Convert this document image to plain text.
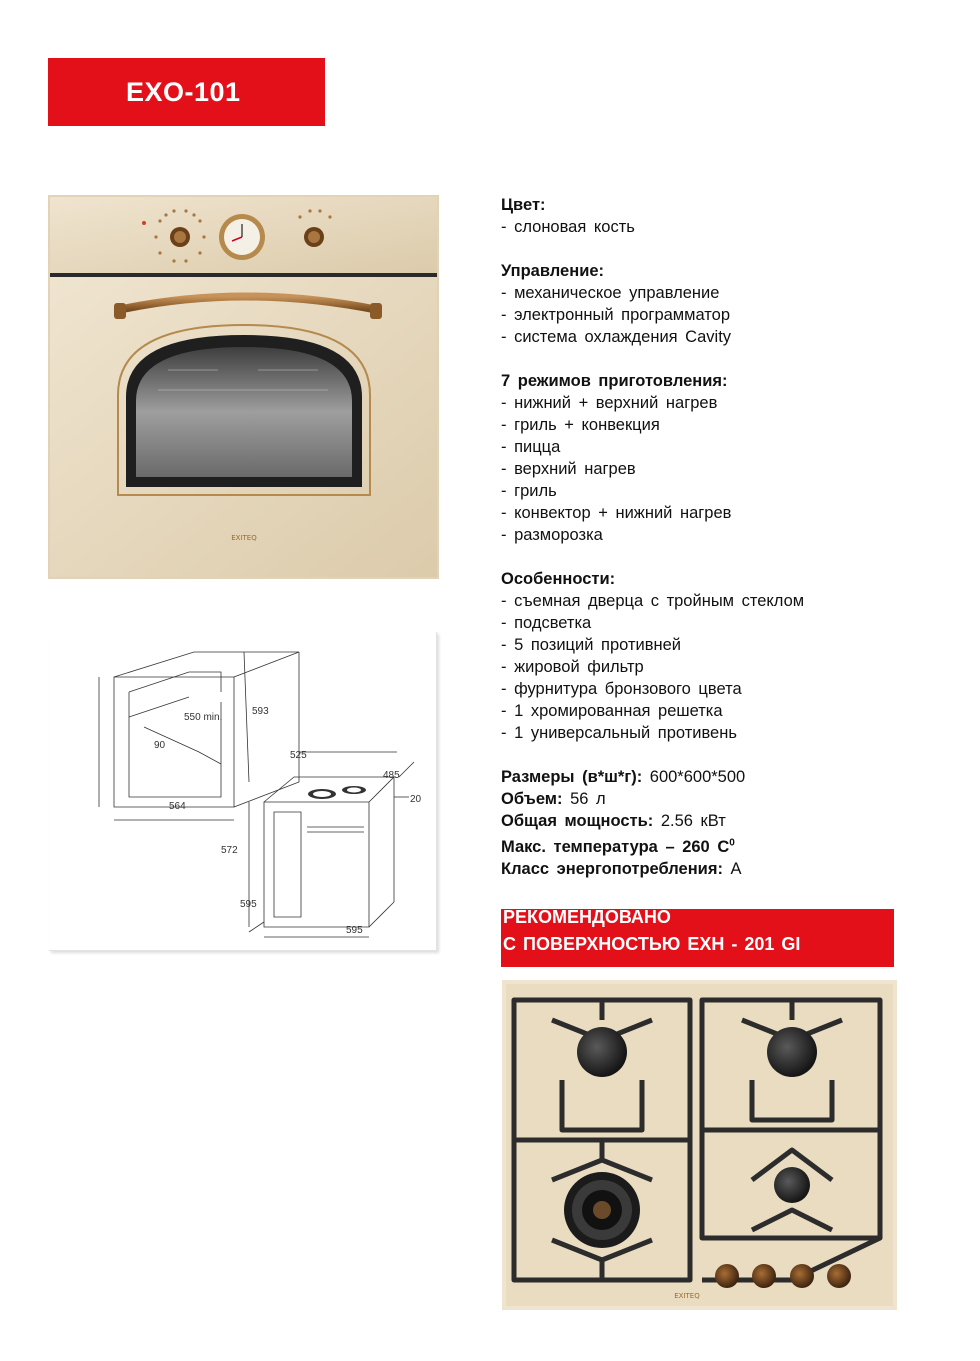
EXO-101
EXITEQ
550 min.
593
90
564
525
485
20
572
595
595
Цвет:
- слоновая кость
Управление:
- механическое управление
- электронный программатор
- система охлаждения Cavity
7 режимов приготовления:
- нижний + верхний нагрев
- гриль + конвекция
- пицца
- верхний нагрев
- гриль
- конвектор + нижний нагрев
- разморозка
Особенности:
- съемная дверца с тройным стеклом
- подсветка
- 5 позиций противней
- жировой фильтр
- фурнитура бронзового цвета
- 1 хромированная решетка
- 1 универсальный противень
Размеры (в*ш*г): 600*600*500
Объем: 56 л
Общая мощность: 2.56 кВт
Макс. температура – 260 $С^0$
Класс энергопотребления: А
РЕКОМЕНДОВАНО
С ПОВЕРХНОСТЬЮ EXH - 201 GI
EXITEQ
